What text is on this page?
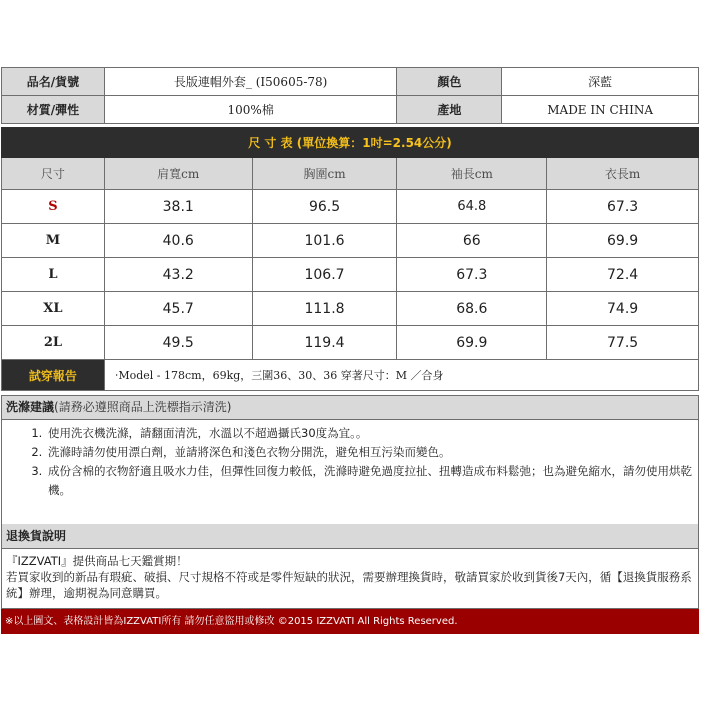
品名/貨號	長版連帽外套_ (I50605-78)	顏色	深藍
材質/彈性	100%棉	產地	MADE IN CHINA
尺 寸 表 (單位換算：1吋=2.54公分)				
尺寸	肩寬cm	胸圍cm	袖長cm	衣長m
S	38.1	96.5	64.8	67.3
M	40.6	101.6	66	69.9
L	43.2	106.7	67.3	72.4
XL	45.7	111.8	68.6	74.9
2L	49.5	119.4	69.9	77.5
試穿報告	‧Model - 178cm，69kg，三圍36、30、36 穿著尺寸：M ／合身			
洗滌建議(請務必遵照商品上洗標指示清洗)
1. 使用洗衣機洗滌，請翻面清洗，水溫以不超過攝氏30度為宜。。
2. 洗滌時請勿使用漂白劑，並請將深色和淺色衣物分開洗，避免相互污染而變色。
3. 成份含棉的衣物舒適且吸水力佳，但彈性回復力較低，洗滌時避免過度拉扯、扭轉造成布料鬆弛；也為避免縮水，請勿使用烘乾機。
退換貨說明
『IZZVATI』提供商品七天鑑賞期！
若買家收到的新品有瑕疵、破損、尺寸規格不符或是零件短缺的狀況，需要辦理換貨時，敬請買家於收到貨後7天內，循【退換貨服務系統】辦理，逾期視為同意購買。
※以上圖文、表格設計皆為IZZVATI所有 請勿任意盜用或修改 ©2015 IZZVATI All Rights Reserved.
